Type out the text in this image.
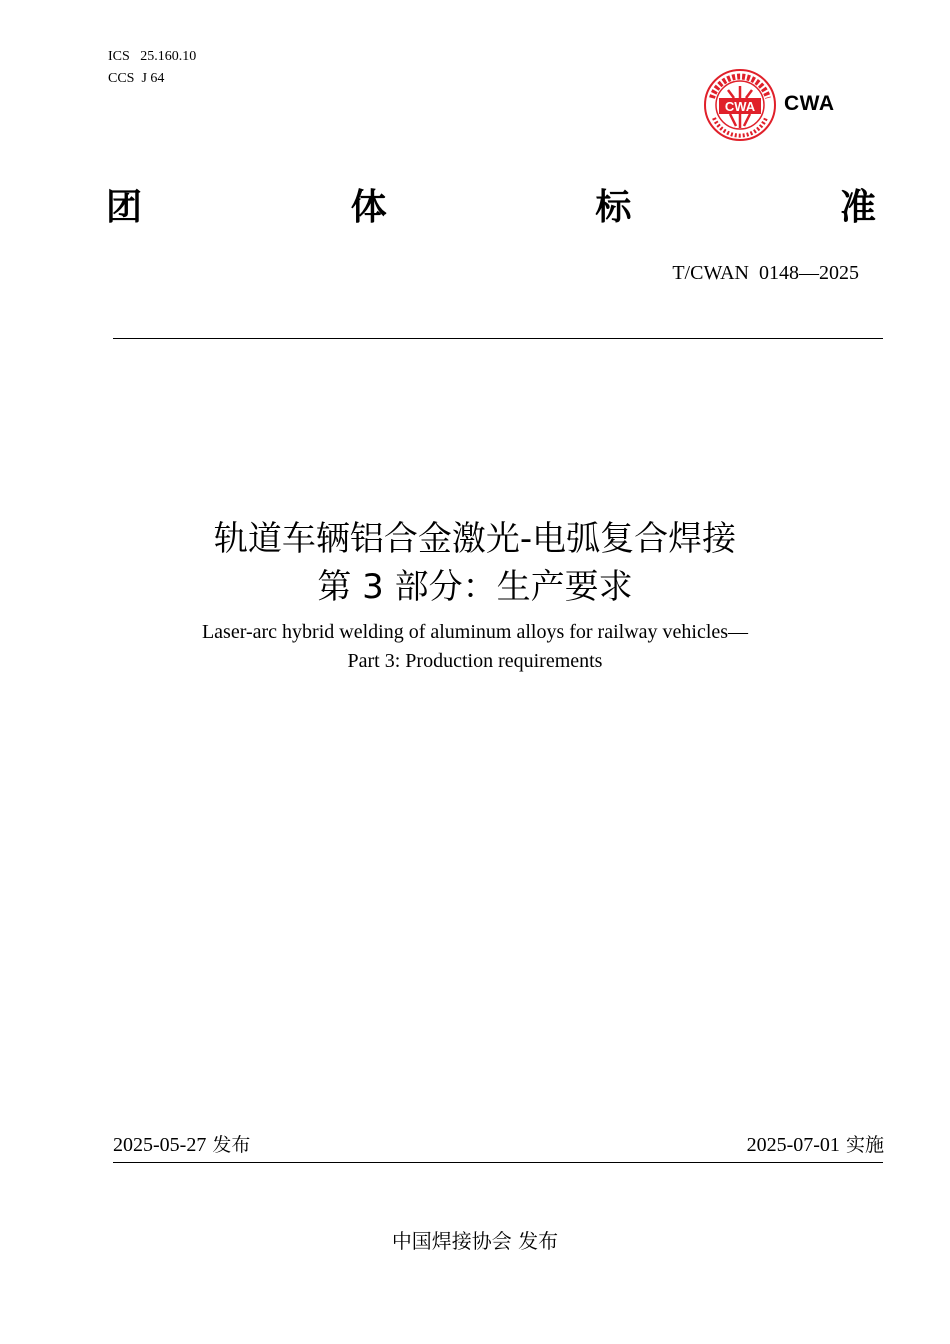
ICS 25.160.10
CCS J 64
CWA CWA
团	体	标	准
T/CWAN  0148—2025
轨道车辆铝合金激光-电弧复合焊接
第 3 部分：生产要求
Laser-arc hybrid welding of aluminum alloys for railway vehicles—
Part 3: Production requirements
2025-05-27 发布	2025-07-01 实施
中国焊接协会 发布
